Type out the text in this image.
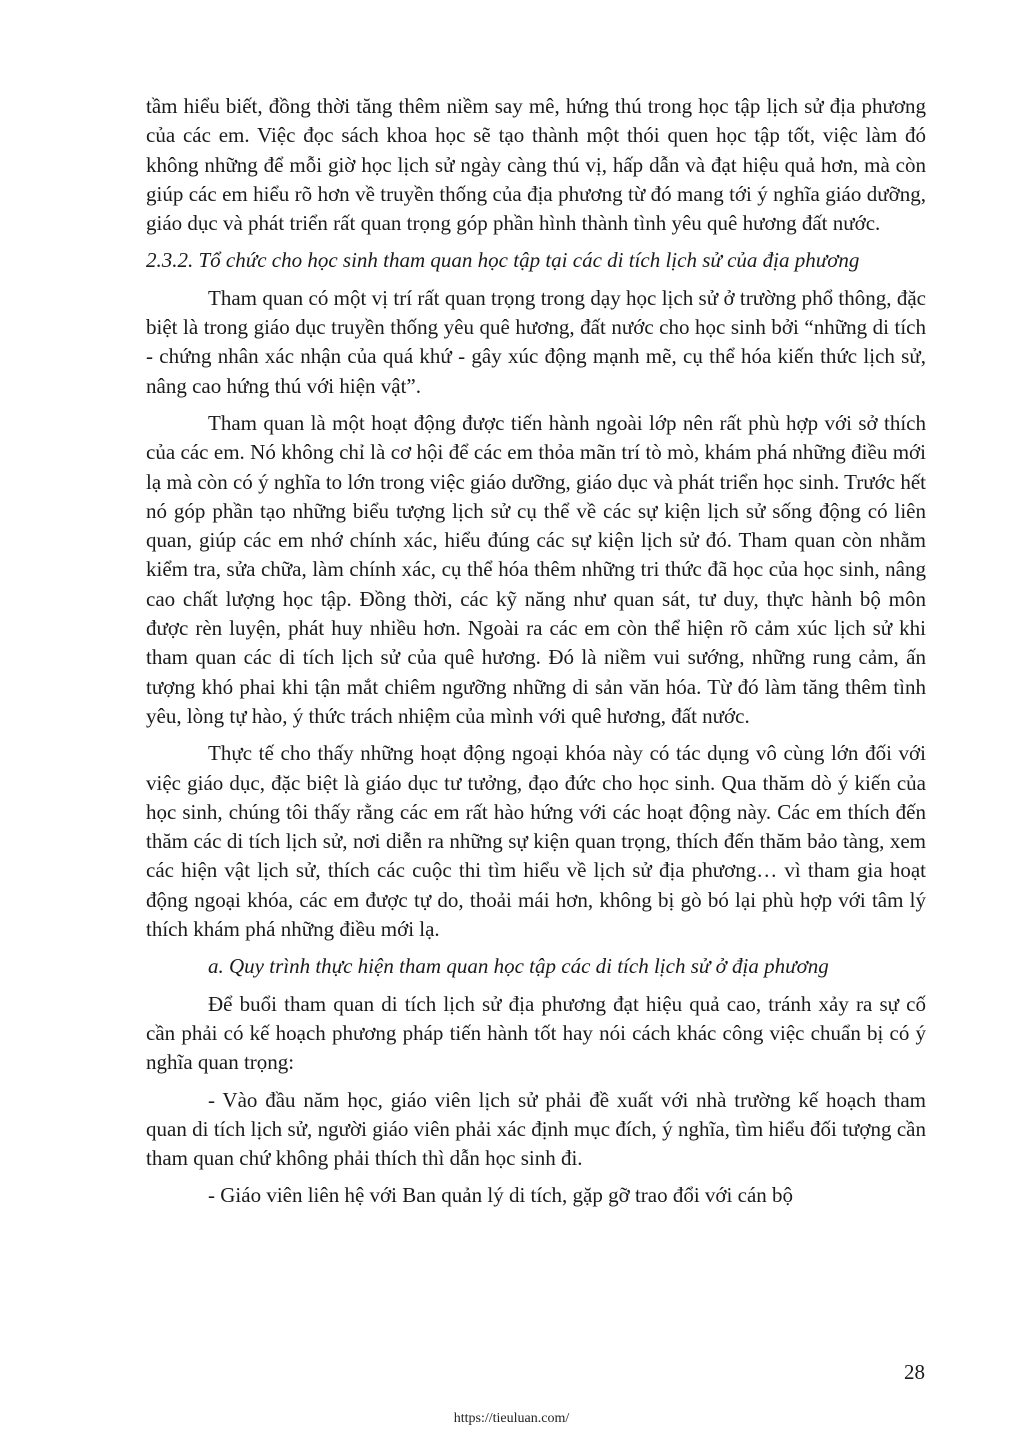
tầm hiểu biết, đồng thời tăng thêm niềm say mê, hứng thú trong học tập lịch sử địa phương của các em. Việc đọc sách khoa học sẽ tạo thành một thói quen học tập tốt, việc làm đó không những để mỗi giờ học lịch sử ngày càng thú vị, hấp dẫn và đạt hiệu quả hơn, mà còn giúp các em hiểu rõ hơn về truyền thống của địa phương từ đó mang tới ý nghĩa giáo dưỡng, giáo dục và phát triển rất quan trọng góp phần hình thành tình yêu quê hương đất nước.

2.3.2. Tổ chức cho học sinh tham quan học tập tại các di tích lịch sử của địa phương

Tham quan có một vị trí rất quan trọng trong dạy học lịch sử ở trường phổ thông, đặc biệt là trong giáo dục truyền thống yêu quê hương, đất nước cho học sinh bởi “những di tích - chứng nhân xác nhận của quá khứ - gây xúc động mạnh mẽ, cụ thể hóa kiến thức lịch sử, nâng cao hứng thú với hiện vật”.

Tham quan là một hoạt động được tiến hành ngoài lớp nên rất phù hợp với sở thích của các em. Nó không chỉ là cơ hội để các em thỏa mãn trí tò mò, khám phá những điều mới lạ mà còn có ý nghĩa to lớn trong việc giáo dưỡng, giáo dục và phát triển học sinh. Trước hết nó góp phần tạo những biểu tượng lịch sử cụ thể về các sự kiện lịch sử sống động có liên quan, giúp các em nhớ chính xác, hiểu đúng các sự kiện lịch sử đó. Tham quan còn nhằm kiểm tra, sửa chữa, làm chính xác, cụ thể hóa thêm những tri thức đã học của học sinh, nâng cao chất lượng học tập. Đồng thời, các kỹ năng như quan sát, tư duy, thực hành bộ môn được rèn luyện, phát huy nhiều hơn. Ngoài ra các em còn thể hiện rõ cảm xúc lịch sử khi tham quan các di tích lịch sử của quê hương. Đó là niềm vui sướng, những rung cảm, ấn tượng khó phai khi tận mắt chiêm ngưỡng những di sản văn hóa. Từ đó làm tăng thêm tình yêu, lòng tự hào, ý thức trách nhiệm của mình với quê hương, đất nước.

Thực tế cho thấy những hoạt động ngoại khóa này có tác dụng vô cùng lớn đối với việc giáo dục, đặc biệt là giáo dục tư tưởng, đạo đức cho học sinh. Qua thăm dò ý kiến của học sinh, chúng tôi thấy rằng các em rất hào hứng với các hoạt động này. Các em thích đến thăm các di tích lịch sử, nơi diễn ra những sự kiện quan trọng, thích đến thăm bảo tàng, xem các hiện vật lịch sử, thích các cuộc thi tìm hiểu về lịch sử địa phương… vì tham gia hoạt động ngoại khóa, các em được tự do, thoải mái hơn, không bị gò bó lại phù hợp với tâm lý thích khám phá những điều mới lạ.

a. Quy trình thực hiện tham quan học tập các di tích lịch sử ở địa phương

Để buổi tham quan di tích lịch sử địa phương đạt hiệu quả cao, tránh xảy ra sự cố cần phải có kế hoạch phương pháp tiến hành tốt hay nói cách khác công việc chuẩn bị có ý nghĩa quan trọng:

- Vào đầu năm học, giáo viên lịch sử phải đề xuất với nhà trường kế hoạch tham quan di tích lịch sử, người giáo viên phải xác định mục đích, ý nghĩa, tìm hiểu đối tượng cần tham quan chứ không phải thích thì dẫn học sinh đi.

- Giáo viên liên hệ với Ban quản lý di tích, gặp gỡ trao đổi với cán bộ

28
https://tieuluan.com/
